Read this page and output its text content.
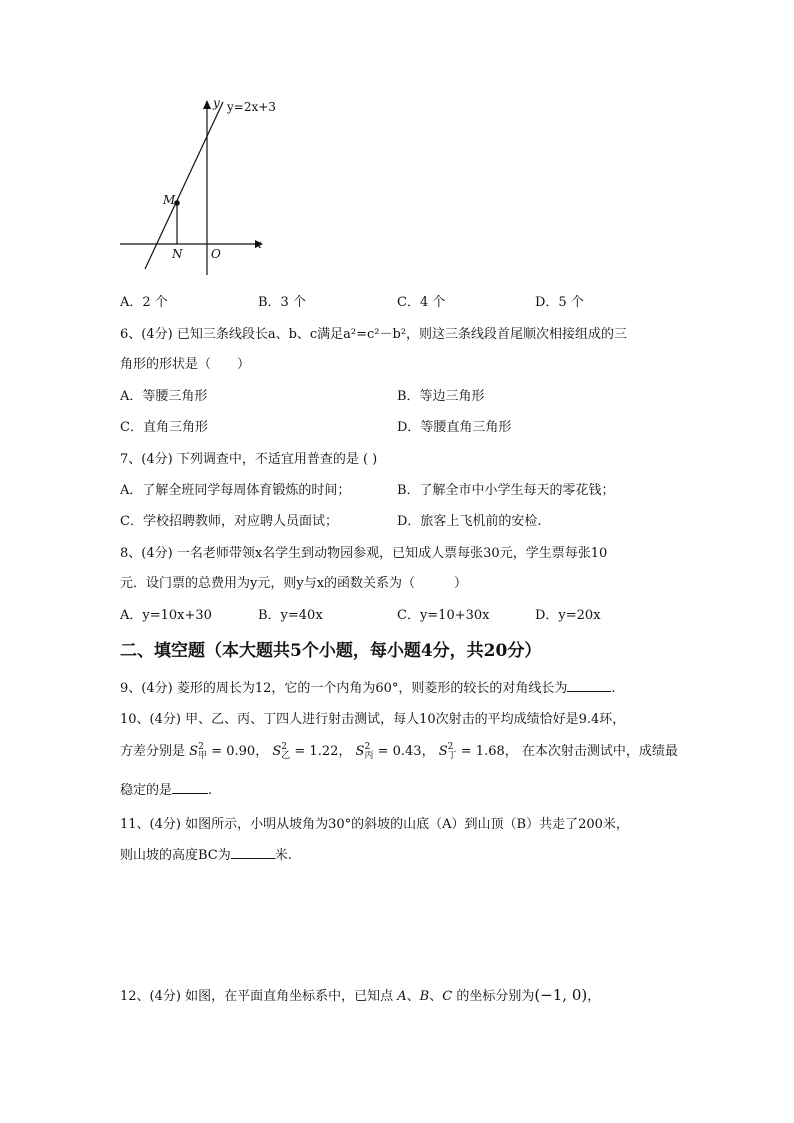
y=2x+3
y
x
M
N O
A．2 个	B．3 个	C．4 个	D．5 个
6、(4分) 已知三条线段长a、b、c满足a²=c²－b²，则这三条线段首尾顺次相接组成的三
角形的形状是（　　）
A．等腰三角形	B．等边三角形
C．直角三角形	D．等腰直角三角形
7、(4分) 下列调查中，不适宜用普查的是 ( )
A．了解全班同学每周体育锻炼的时间；	B．了解全市中小学生每天的零花钱；
C．学校招聘教师，对应聘人员面试；	D．旅客上飞机前的安检.
8、(4分) 一名老师带领x名学生到动物园参观，已知成人票每张30元，学生票每张10
元．设门票的总费用为y元，则y与x的函数关系为（　　　）
A．y=10x+30	B．y=40x	C．y=10+30x	D．y=20x
二、填空题（本大题共5个小题，每小题4分，共20分）
9、(4分) 菱形的周长为12，它的一个内角为60°，则菱形的较长的对角线长为	.
10、(4分) 甲、乙、丙、丁四人进行射击测试，每人10次射击的平均成绩恰好是9.4环，
方差分别是 S 2
甲 = 0.90， S 2
乙 = 1.22， S 2
丙 = 0.43， S 2
丁 = 1.68， 在本次射击测试中，成绩最
稳定的是	.
11、(4分) 如图所示，小明从坡角为30°的斜坡的山底（A）到山顶（B）共走了200米，
则山坡的高度BC为	米.
12、(4分) 如图，在平面直角坐标系中，已知点 A、B、C 的坐标分别为(−1, 0)，
